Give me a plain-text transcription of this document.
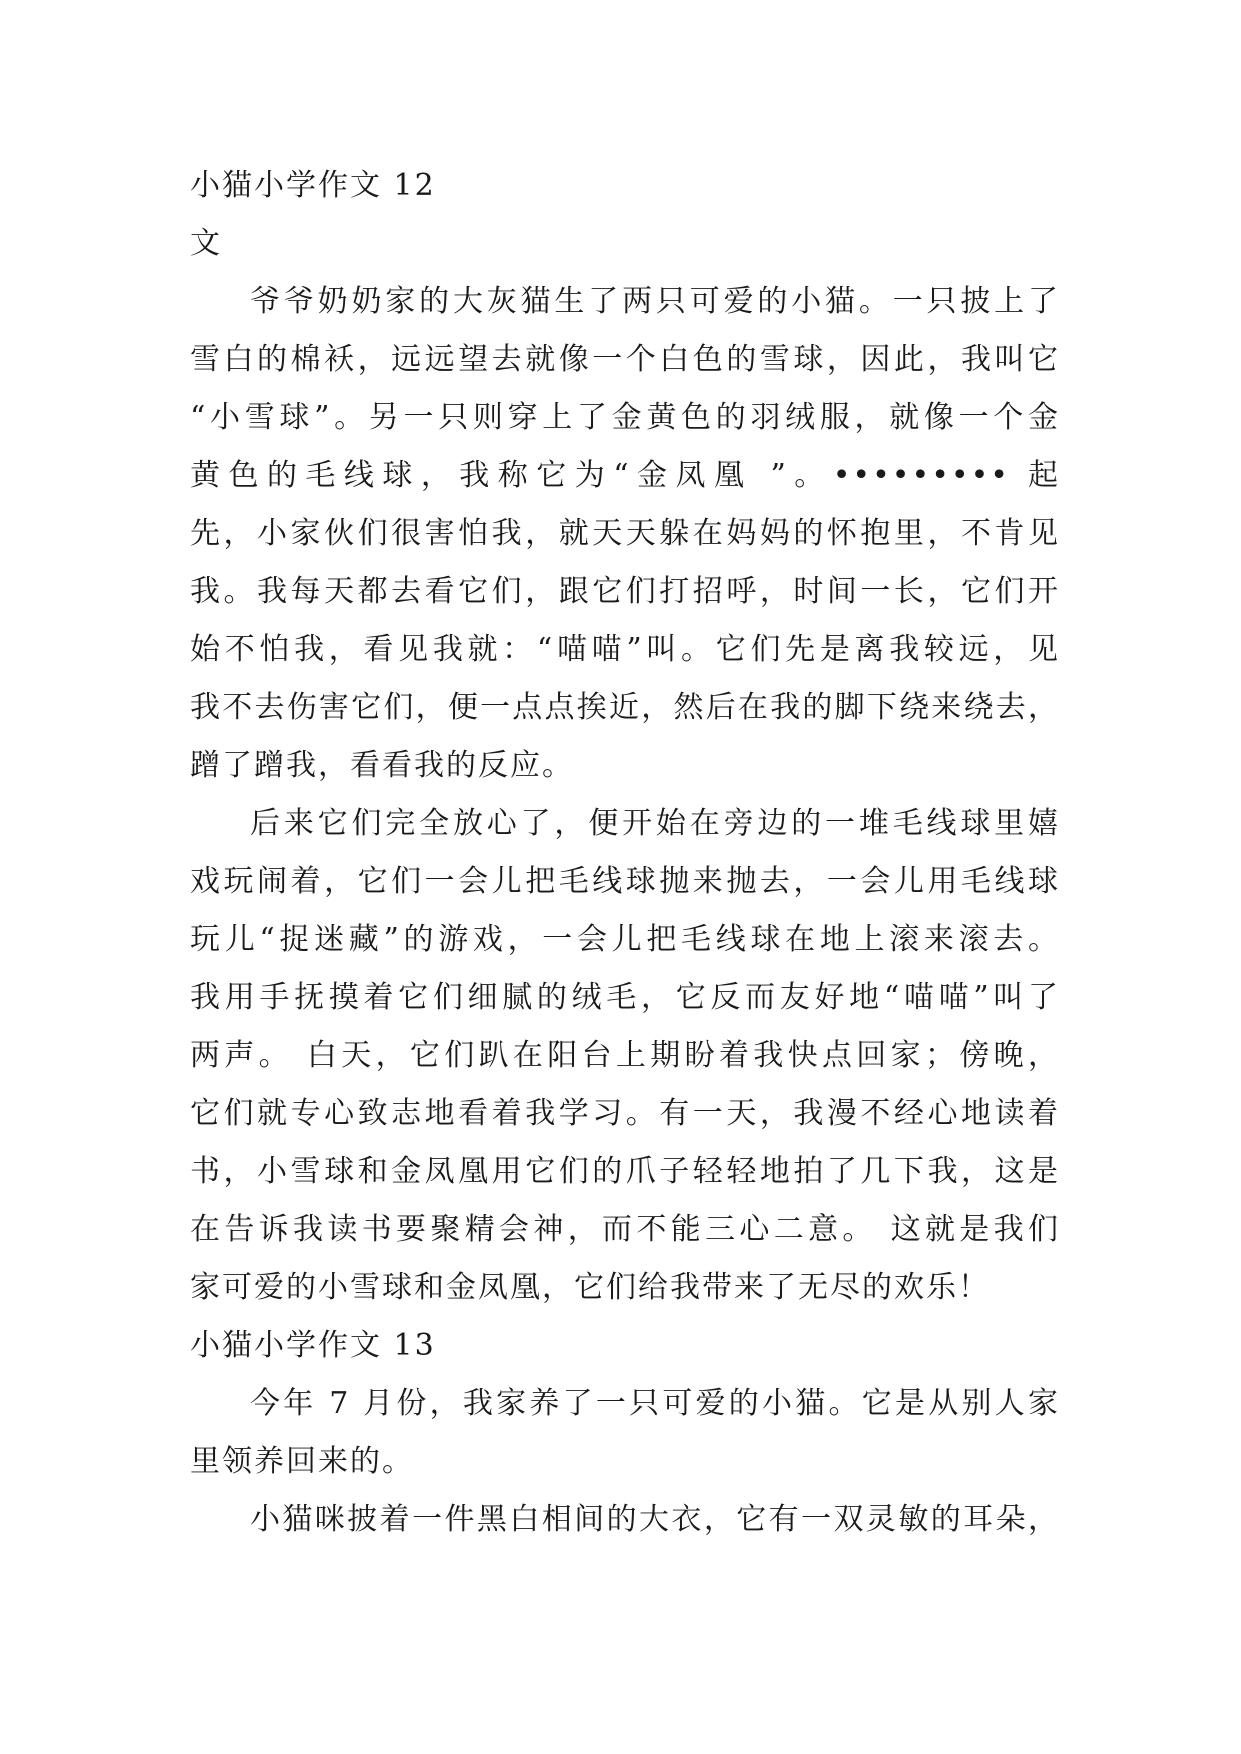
小猫小学作文 12
文
爷爷奶奶家的大灰猫生了两只可爱的小猫。一只披上了
雪白的棉袄，远远望去就像一个白色的雪球，因此，我叫它
“小雪球”。另一只则穿上了金黄色的羽绒服，就像一个金
黄色的毛线球，我称它为“金凤凰 ”。••••••••• 起
先，小家伙们很害怕我，就天天躲在妈妈的怀抱里，不肯见
我。我每天都去看它们，跟它们打招呼，时间一长，它们开
始不怕我，看见我就：“喵喵”叫。它们先是离我较远，见
我不去伤害它们，便一点点挨近，然后在我的脚下绕来绕去，
蹭了蹭我，看看我的反应。
后来它们完全放心了，便开始在旁边的一堆毛线球里嬉
戏玩闹着，它们一会儿把毛线球抛来抛去，一会儿用毛线球
玩儿“捉迷藏”的游戏，一会儿把毛线球在地上滚来滚去。
我用手抚摸着它们细腻的绒毛，它反而友好地“喵喵”叫了
两声。 白天，它们趴在阳台上期盼着我快点回家；傍晚，
它们就专心致志地看着我学习。有一天，我漫不经心地读着
书，小雪球和金凤凰用它们的爪子轻轻地拍了几下我，这是
在告诉我读书要聚精会神，而不能三心二意。 这就是我们
家可爱的小雪球和金凤凰，它们给我带来了无尽的欢乐！
小猫小学作文 13
今年 7 月份，我家养了一只可爱的小猫。它是从别人家
里领养回来的。
小猫咪披着一件黑白相间的大衣，它有一双灵敏的耳朵，
